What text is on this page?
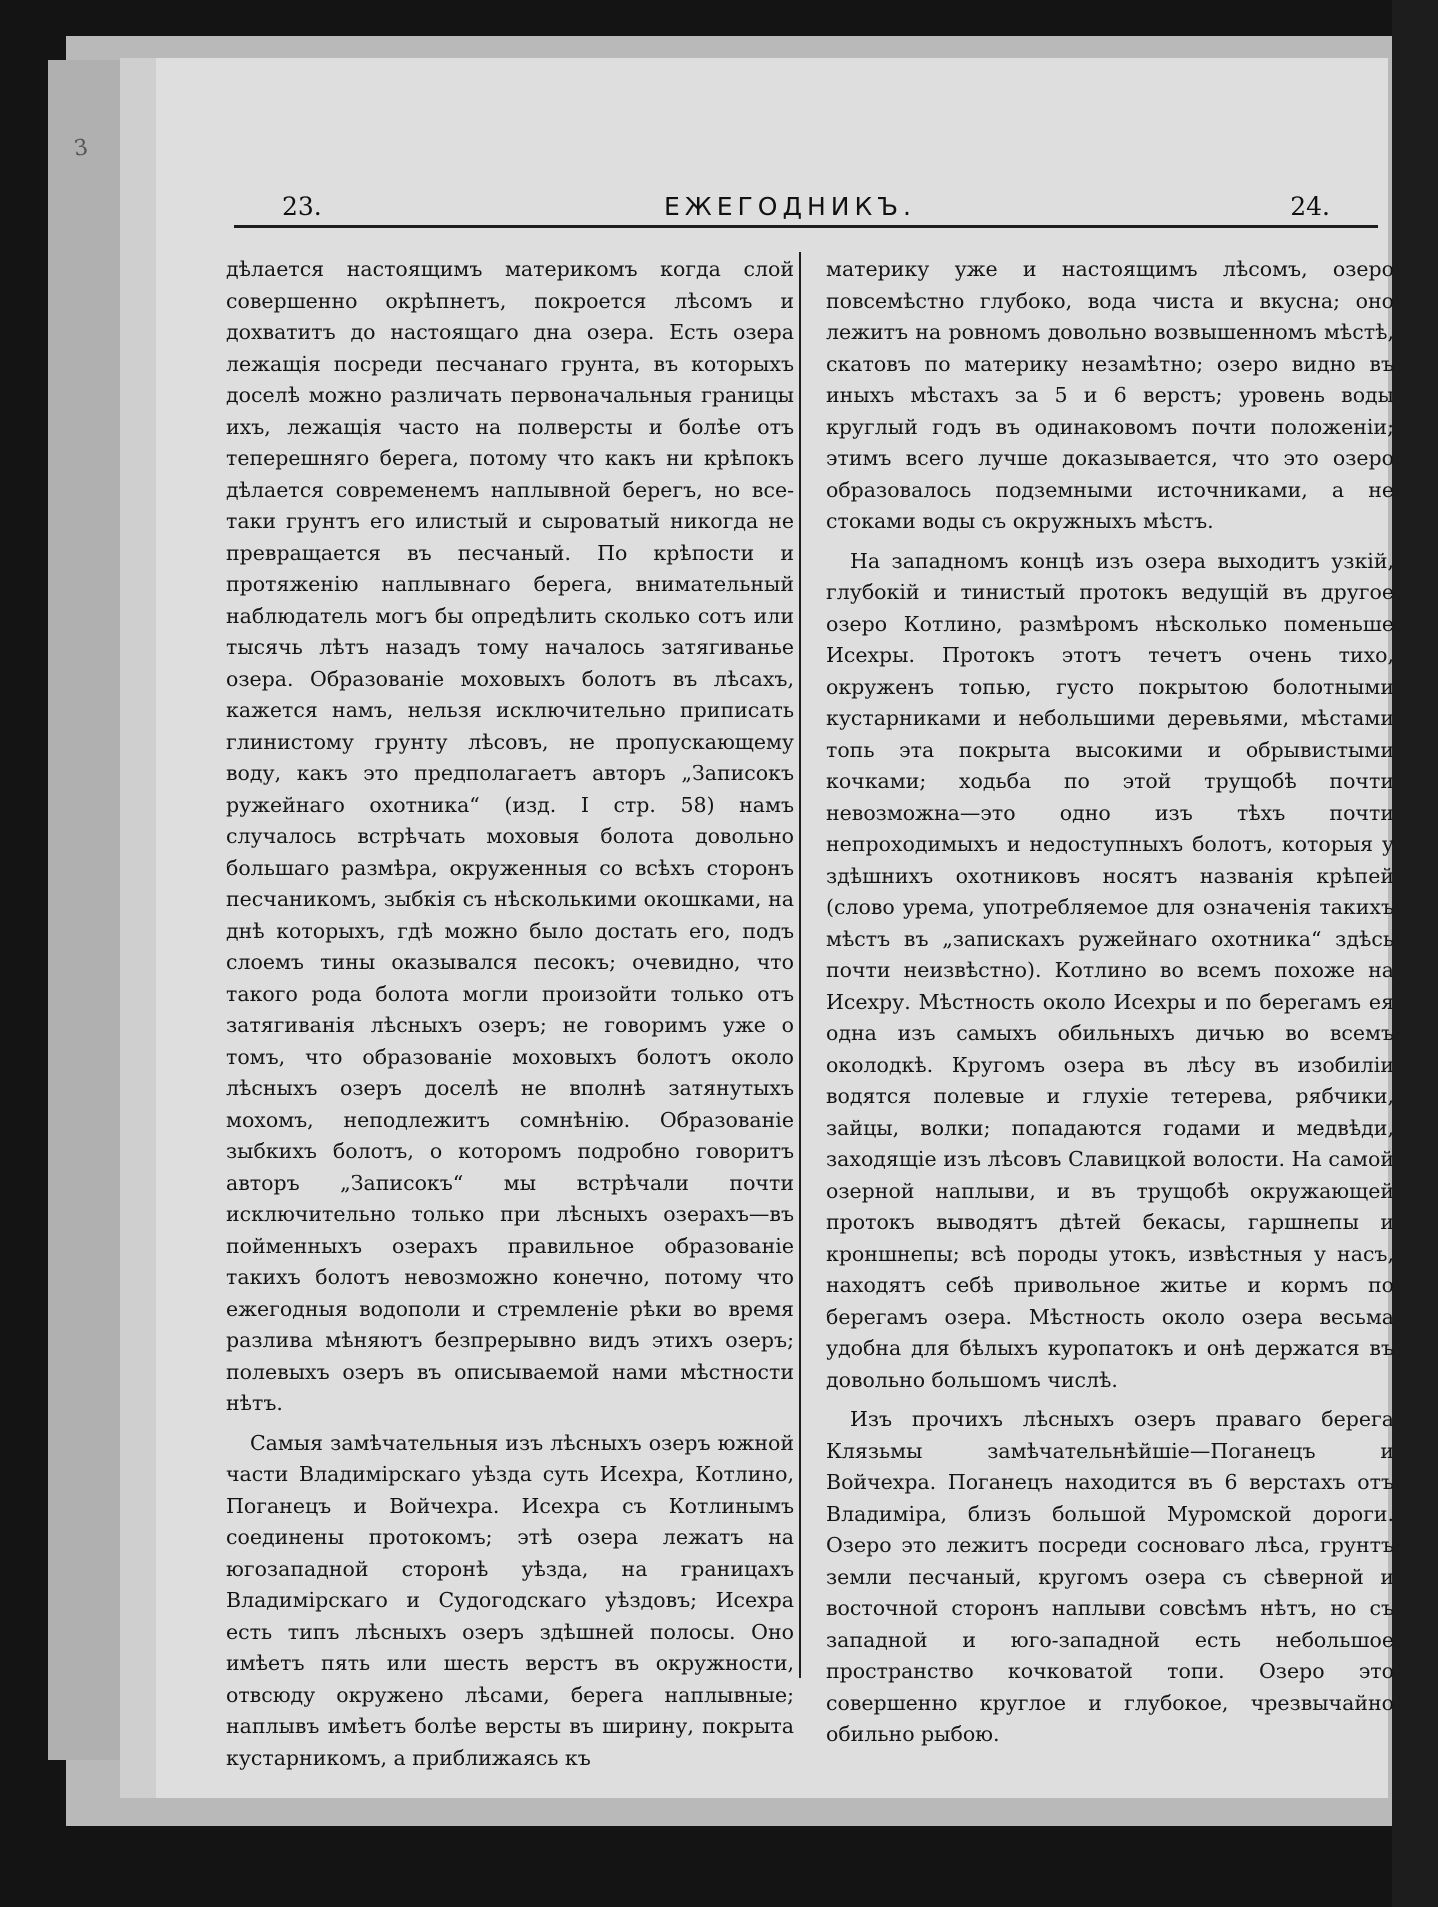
3
23.	ЕЖЕГОДНИКЪ.	24.

дѣлается настоящимъ материкомъ когда слой совершенно окрѣпнетъ, покроется лѣсомъ и дохватитъ до настоящаго дна озера. Есть озера лежащія посреди песчанаго грунта, въ которыхъ доселѣ можно различать первоначальныя границы ихъ, лежащія часто на полверсты и болѣе отъ теперешняго берега, потому что какъ ни крѣпокъ дѣлается современемъ наплывной берегъ, но все-таки грунтъ его илистый и сыроватый никогда не превращается въ песчаный. По крѣпости и протяженію наплывнаго берега, внимательный наблюдатель могъ бы опредѣлить сколько сотъ или тысячь лѣтъ назадъ тому началось затягиванье озера. Образованіе моховыхъ болотъ въ лѣсахъ, кажется намъ, нельзя исключительно приписать глинистому грунту лѣсовъ, не пропускающему воду, какъ это предполагаетъ авторъ „Записокъ ружейнаго охотника“ (изд. I стр. 58) намъ случалось встрѣчать моховыя болота довольно большаго размѣра, окруженныя со всѣхъ сторонъ песчаникомъ, зыбкія съ нѣсколькими окошками, на днѣ которыхъ, гдѣ можно было достать его, подъ слоемъ тины оказывался песокъ; очевидно, что такого рода болота могли произойти только отъ затягиванія лѣсныхъ озеръ; не говоримъ уже о томъ, что образованіе моховыхъ болотъ около лѣсныхъ озеръ доселѣ не вполнѣ затянутыхъ мохомъ, неподлежитъ сомнѣнію. Образованіе зыбкихъ болотъ, о которомъ подробно говоритъ авторъ „Записокъ“ мы встрѣчали почти исключительно только при лѣсныхъ озерахъ—въ пойменныхъ озерахъ правильное образованіе такихъ болотъ невозможно конечно, потому что ежегодныя водополи и стремленіе рѣки во время разлива мѣняютъ безпрерывно видъ этихъ озеръ; полевыхъ озеръ въ описываемой нами мѣстности нѣтъ.

Самыя замѣчательныя изъ лѣсныхъ озеръ южной части Владимірскаго уѣзда суть Исехра, Котлино, Поганецъ и Войчехра. Исехра съ Котлинымъ соединены протокомъ; этѣ озера лежатъ на югозападной сторонѣ уѣзда, на границахъ Владимірскаго и Судогодскаго уѣздовъ; Исехра есть типъ лѣсныхъ озеръ здѣшней полосы. Оно имѣетъ пять или шесть верстъ въ окружности, отвсюду окружено лѣсами, берега наплывные; наплывъ имѣетъ болѣе версты въ ширину, покрыта кустарникомъ, а приближаясь къ

материку уже и настоящимъ лѣсомъ, озеро повсемѣстно глубоко, вода чиста и вкусна; оно лежитъ на ровномъ довольно возвышенномъ мѣстѣ, скатовъ по материку незамѣтно; озеро видно въ иныхъ мѣстахъ за 5 и 6 верстъ; уровень воды круглый годъ въ одинаковомъ почти положеніи; этимъ всего лучше доказывается, что это озеро образовалось подземными источниками, а не стоками воды съ окружныхъ мѣстъ.

На западномъ концѣ изъ озера выходитъ узкій, глубокій и тинистый протокъ ведущій въ другое озеро Котлино, размѣромъ нѣсколько поменьше Исехры. Протокъ этотъ течетъ очень тихо, окруженъ топью, густо покрытою болотными кустарниками и небольшими деревьями, мѣстами топь эта покрыта высокими и обрывистыми кочками; ходьба по этой трущобѣ почти невозможна—это одно изъ тѣхъ почти непроходимыхъ и недоступныхъ болотъ, которыя у здѣшнихъ охотниковъ носятъ названія крѣпей (слово урема, употребляемое для означенія такихъ мѣстъ въ „запискахъ ружейнаго охотника“ здѣсь почти неизвѣстно). Котлино во всемъ похоже на Исехру. Мѣстность около Исехры и по берегамъ ея одна изъ самыхъ обильныхъ дичью во всемъ околодкѣ. Кругомъ озера въ лѣсу въ изобиліи водятся полевые и глухіе тетерева, рябчики, зайцы, волки; попадаются годами и медвѣди, заходящіе изъ лѣсовъ Славицкой волости. На самой озерной наплыви, и въ трущобѣ окружающей протокъ выводятъ дѣтей бекасы, гаршнепы и кроншнепы; всѣ породы утокъ, извѣстныя у насъ, находятъ себѣ привольное житье и кормъ по берегамъ озера. Мѣстность около озера весьма удобна для бѣлыхъ куропатокъ и онѣ держатся въ довольно большомъ числѣ.

Изъ прочихъ лѣсныхъ озеръ праваго берега Клязьмы замѣчательнѣйшіе—Поганецъ и Войчехра. Поганецъ находится въ 6 верстахъ отъ Владиміра, близъ большой Муромской дороги. Озеро это лежитъ посреди сосноваго лѣса, грунтъ земли песчаный, кругомъ озера съ сѣверной и восточной сторонъ наплыви совсѣмъ нѣтъ, но съ западной и юго-западной есть небольшое пространство кочковатой топи. Озеро это совершенно круглое и глубокое, чрезвычайно обильно рыбою.
